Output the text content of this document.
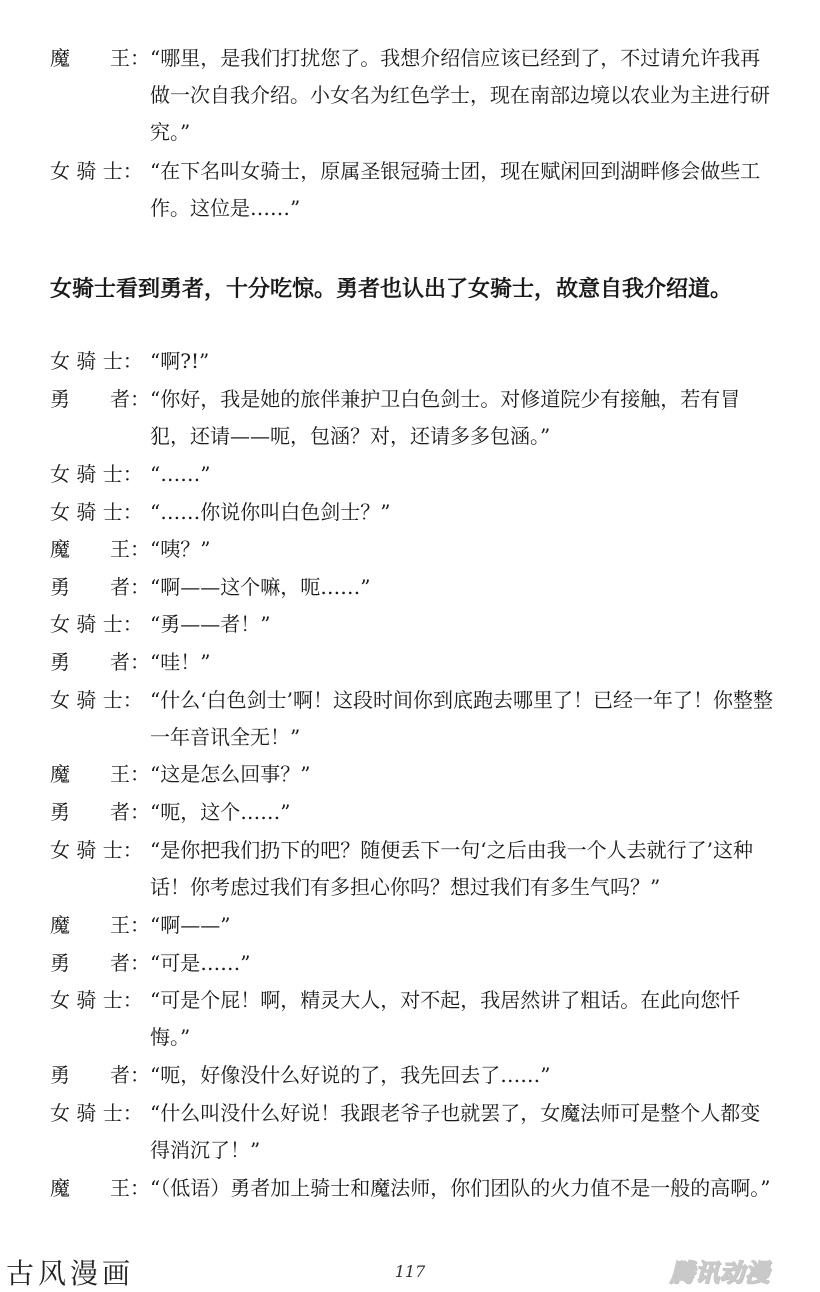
魔　　王： “哪里，是我们打扰您了。我想介绍信应该已经到了，不过请允许我再做一次自我介绍。小女名为红色学士，现在南部边境以农业为主进行研究。”
女 骑 士： “在下名叫女骑士，原属圣银冠骑士团，现在赋闲回到湖畔修会做些工作。这位是……”
女骑士看到勇者，十分吃惊。勇者也认出了女骑士，故意自我介绍道。
女 骑 士： “啊?!”
勇　　者： “你好，我是她的旅伴兼护卫白色剑士。对修道院少有接触，若有冒犯，还请——呃，包涵？对，还请多多包涵。”
女 骑 士： “……”
女 骑 士： “……你说你叫白色剑士？”
魔　　王： “咦？”
勇　　者： “啊——这个嘛，呃……”
女 骑 士： “勇——者！”
勇　　者： “哇！”
女 骑 士： “什么‘白色剑士’啊！这段时间你到底跑去哪里了！已经一年了！你整整一年音讯全无！”
魔　　王： “这是怎么回事？”
勇　　者： “呃，这个……”
女 骑 士： “是你把我们扔下的吧？随便丢下一句‘之后由我一个人去就行了’这种话！你考虑过我们有多担心你吗？想过我们有多生气吗？”
魔　　王： “啊——”
勇　　者： “可是……”
女 骑 士： “可是个屁！啊，精灵大人，对不起，我居然讲了粗话。在此向您忏悔。”
勇　　者： “呃，好像没什么好说的了，我先回去了……”
女 骑 士： “什么叫没什么好说！我跟老爷子也就罢了，女魔法师可是整个人都变得消沉了！”
魔　　王： “（低语）勇者加上骑士和魔法师，你们团队的火力值不是一般的高啊。”
古风漫画	117	腾讯动漫
